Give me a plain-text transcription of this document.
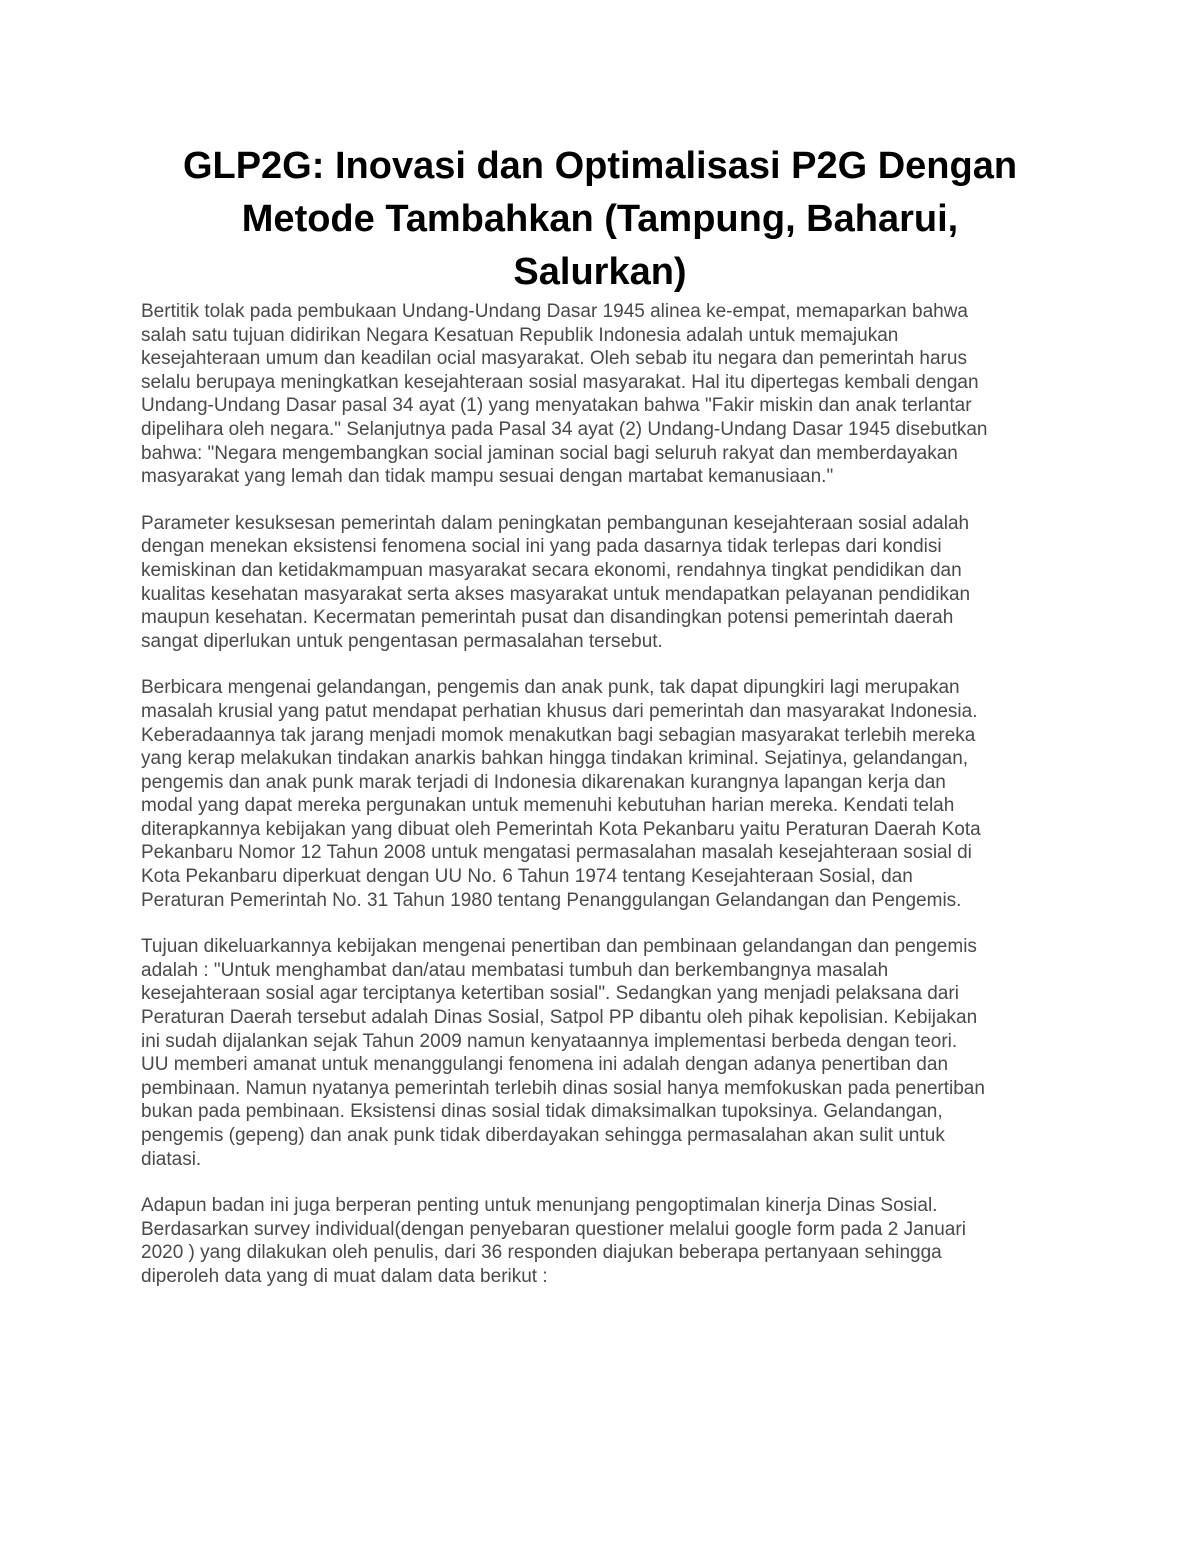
GLP2G: Inovasi dan Optimalisasi P2G Dengan
Metode Tambahkan (Tampung, Baharui,
Salurkan)

Bertitik tolak pada pembukaan Undang-Undang Dasar 1945 alinea ke-empat, memaparkan bahwa
salah satu tujuan didirikan Negara Kesatuan Republik Indonesia adalah untuk memajukan
kesejahteraan umum dan keadilan ocial masyarakat. Oleh sebab itu negara dan pemerintah harus
selalu berupaya meningkatkan kesejahteraan sosial masyarakat. Hal itu dipertegas kembali dengan
Undang-Undang Dasar pasal 34 ayat (1) yang menyatakan bahwa "Fakir miskin dan anak terlantar
dipelihara oleh negara." Selanjutnya pada Pasal 34 ayat (2) Undang-Undang Dasar 1945 disebutkan
bahwa: "Negara mengembangkan social jaminan social bagi seluruh rakyat dan memberdayakan
masyarakat yang lemah dan tidak mampu sesuai dengan martabat kemanusiaan."

Parameter kesuksesan pemerintah dalam peningkatan pembangunan kesejahteraan sosial adalah
dengan menekan eksistensi fenomena social ini yang pada dasarnya tidak terlepas dari kondisi
kemiskinan dan ketidakmampuan masyarakat secara ekonomi, rendahnya tingkat pendidikan dan
kualitas kesehatan masyarakat serta akses masyarakat untuk mendapatkan pelayanan pendidikan
maupun kesehatan. Kecermatan pemerintah pusat dan disandingkan potensi pemerintah daerah
sangat diperlukan untuk pengentasan permasalahan tersebut.

Berbicara mengenai gelandangan, pengemis dan anak punk, tak dapat dipungkiri lagi merupakan
masalah krusial yang patut mendapat perhatian khusus dari pemerintah dan masyarakat Indonesia.
Keberadaannya tak jarang menjadi momok menakutkan bagi sebagian masyarakat terlebih mereka
yang kerap melakukan tindakan anarkis bahkan hingga tindakan kriminal. Sejatinya, gelandangan,
pengemis dan anak punk marak terjadi di Indonesia dikarenakan kurangnya lapangan kerja dan
modal yang dapat mereka pergunakan untuk memenuhi kebutuhan harian mereka. Kendati telah
diterapkannya kebijakan yang dibuat oleh Pemerintah Kota Pekanbaru yaitu Peraturan Daerah Kota
Pekanbaru Nomor 12 Tahun 2008 untuk mengatasi permasalahan masalah kesejahteraan sosial di
Kota Pekanbaru diperkuat dengan UU No. 6 Tahun 1974 tentang Kesejahteraan Sosial, dan
Peraturan Pemerintah No. 31 Tahun 1980 tentang Penanggulangan Gelandangan dan Pengemis.

Tujuan dikeluarkannya kebijakan mengenai penertiban dan pembinaan gelandangan dan pengemis
adalah : "Untuk menghambat dan/atau membatasi tumbuh dan berkembangnya masalah
kesejahteraan sosial agar terciptanya ketertiban sosial". Sedangkan yang menjadi pelaksana dari
Peraturan Daerah tersebut adalah Dinas Sosial, Satpol PP dibantu oleh pihak kepolisian. Kebijakan
ini sudah dijalankan sejak Tahun 2009 namun kenyataannya implementasi berbeda dengan teori.
UU memberi amanat untuk menanggulangi fenomena ini adalah dengan adanya penertiban dan
pembinaan. Namun nyatanya pemerintah terlebih dinas sosial hanya memfokuskan pada penertiban
bukan pada pembinaan. Eksistensi dinas sosial tidak dimaksimalkan tupoksinya. Gelandangan,
pengemis (gepeng) dan anak punk tidak diberdayakan sehingga permasalahan akan sulit untuk
diatasi.

Adapun badan ini juga berperan penting untuk menunjang pengoptimalan kinerja Dinas Sosial.
Berdasarkan survey individual(dengan penyebaran questioner melalui google form pada 2 Januari
2020 ) yang dilakukan oleh penulis, dari 36 responden diajukan beberapa pertanyaan sehingga
diperoleh data yang di muat dalam data berikut :
